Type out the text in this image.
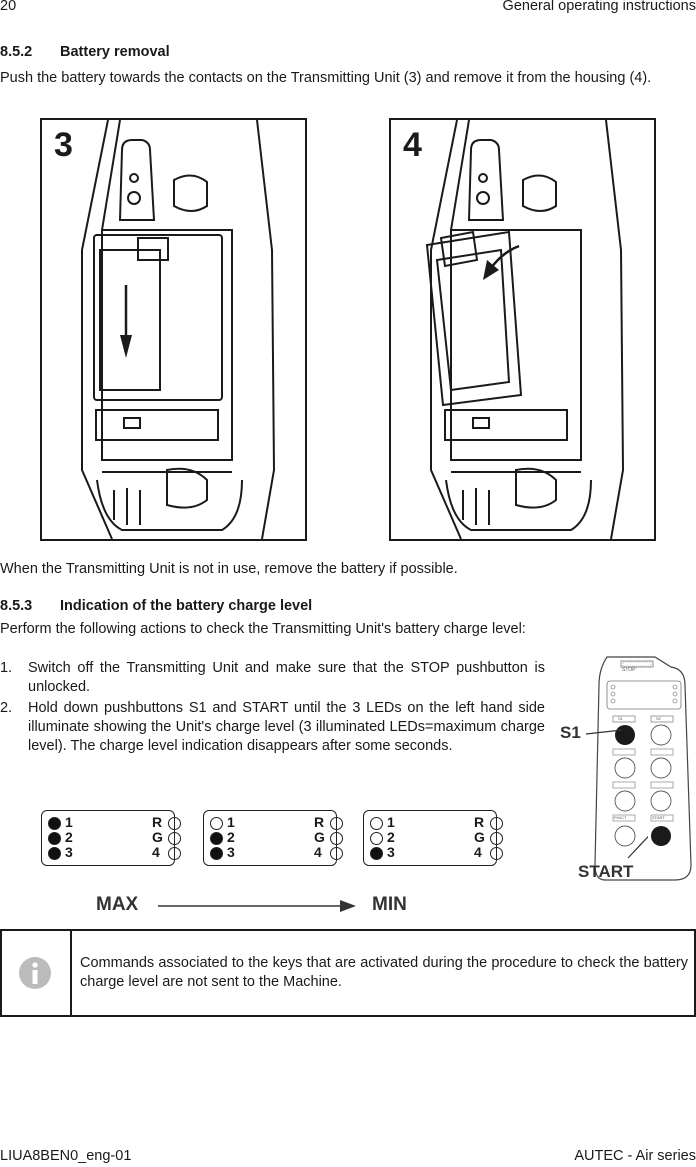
20	General operating instructions
8.5.2 Battery removal
Push the battery towards the contacts on the Transmitting Unit (3) and remove it from the housing (4).
3	4
When the Transmitting Unit is not in use, remove the battery if possible.
8.5.3 Indication of the battery charge level
Perform the following actions to check the Transmitting Unit's battery charge level:
1. Switch off the Transmitting Unit and make sure that the STOP pushbutton is unlocked.
2. Hold down pushbuttons S1 and START until the 3 LEDs on the left hand side illuminate showing the Unit's charge level (3 illuminated LEDs=maximum charge level). The charge level indication disappears after some seconds.
1
2
3
R
G
4
1
2
3
R
G
4
1
2
3
R
G
4
MAX	MIN
STOP
S1	S2
P.INCT	START
S1
START
Commands associated to the keys that are activated during the procedure to check the battery charge level are not sent to the Machine.
LIUA8BEN0_eng-01	AUTEC - Air series
